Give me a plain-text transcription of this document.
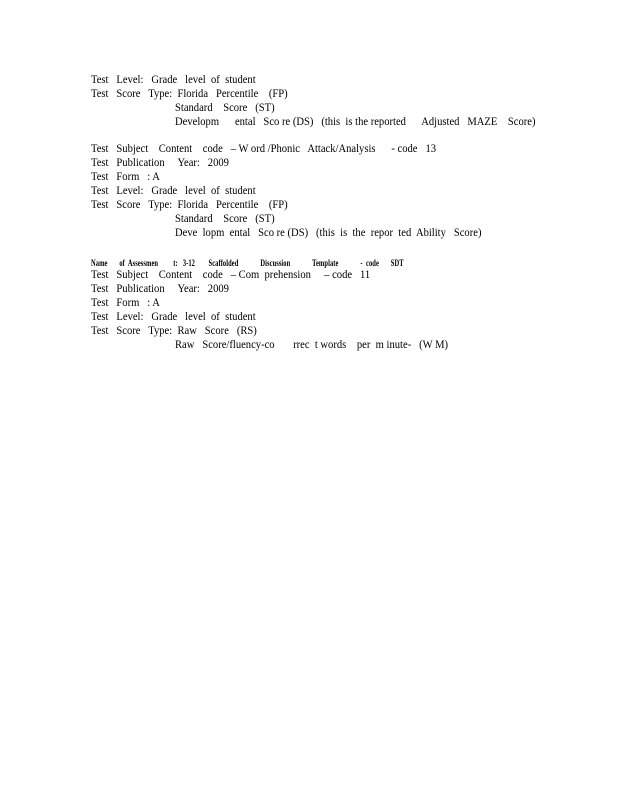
Test   Level:   Grade   level  of  student
Test   Score   Type:  Florida   Percentile    (FP)
Standard    Score   (ST)
Developm      ental   Sco re (DS)   (this  is the reported      Adjusted   MAZE    Score)
Test   Subject    Content    code   – W ord /Phonic   Attack/Analysis      - code   13
Test   Publication     Year:   2009
Test   Form   : A
Test   Level:   Grade   level  of  student
Test   Score   Type:  Florida   Percentile    (FP)
Standard    Score   (ST)
Deve  lopm  ental   Sco re (DS)   (this  is  the  repor  ted  Ability   Score)
Name       of  Assessmen         t:   3-12        Scaffolded             Discussion             Template             -  code       SDT
Test   Subject    Content    code   – Com  prehension     – code   11
Test   Publication     Year:   2009
Test   Form   : A
Test   Level:   Grade   level  of  student
Test   Score   Type:  Raw   Score   (RS)
Raw   Score/fluency-co       rrec  t words    per  m inute-   (W M)
